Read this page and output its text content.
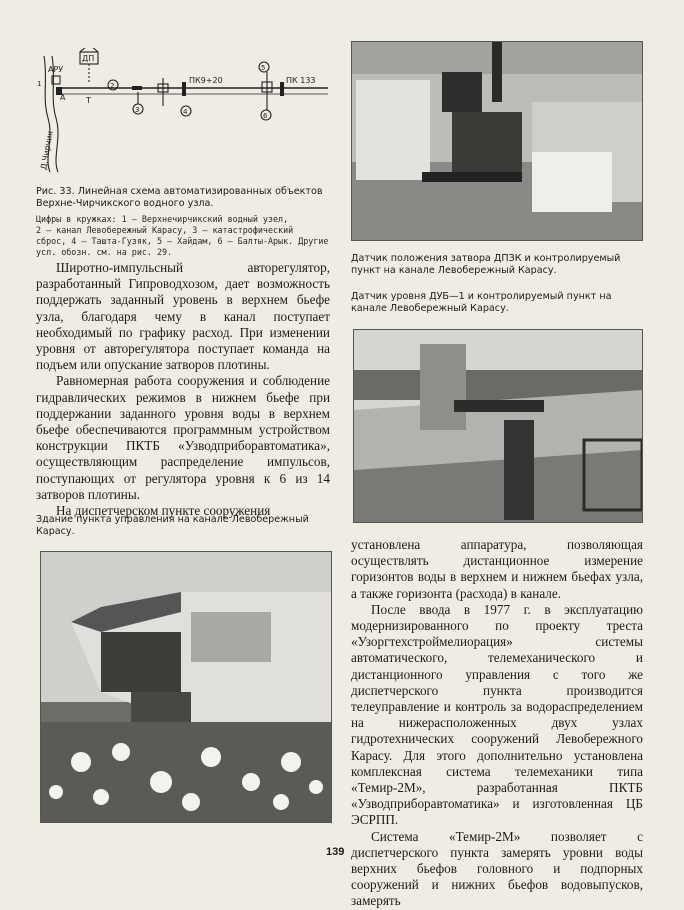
АРУ
ДП
A
ПК9+20	ПК 133
Т
2
3	4
5
6
1
Д.Чирчик
Рис. 33. Линейная схема автоматизированных объектов
Верхне-Чирчикского водного узла.
Цифры в кружках: 1 — Верхнечирчикский водный узел,
2 — канал Левобережный Карасу, 3 — катастрофический
сброс, 4 — Ташта-Гузяк, 5 — Хайдам, 6 — Балты-Арык. Другие
усл. обозн. см. на рис. 29.

Широтно-импульсный авторегулятор, разработанный Гипроводхозом, дает возможность поддержать заданный уровень в верхнем бьефе узла, благодаря чему в канал поступает необходимый по графику расход. При изменении уровня от авторегулятора поступает команда на подъем или опускание затворов плотины.

Равномерная работа сооружения и соблюдение гидравлических режимов в нижнем бьефе при поддержании заданного уровня воды в верхнем бьефе обеспечиваются программным устройством конструкции ПКТБ «Узводприборавтоматика», осуществляющим распределение импульсов, поступающих от регулятора уровня к 6 из 14 затворов плотины.

На диспетчерском пункте сооружения

Здание пункта управления на канале Левобережный
Карасу.
Датчик положения затвора ДПЗК и контролируемый
пункт на канале Левобережный Карасу.
Датчик уровня ДУБ—1 и контролируемый пункт на
канале Левобережный Карасу.

установлена аппаратура, позволяющая осуществлять дистанционное измерение горизонтов воды в верхнем и нижнем бьефах узла, а также горизонта (расхода) в канале.

После ввода в 1977 г. в эксплуатацию модернизированного по проекту треста «Узоргтехстроймелиорация» системы автоматического, телемеханического и дистанционного управления с того же диспетчерского пункта производится телеуправление и контроль за водораспределением на нижерасположенных двух узлах гидротехнических сооружений Левобережного Карасу. Для этого дополнительно установлена комплексная система телемеханики типа «Темир-2М», разработанная ПКТБ «Узводприборавтоматика» и изготовленная ЦБ ЭСРПП.

Система «Темир-2М» позволяет с диспетчерского пункта замерять уровни воды верхних бьефов головного и подпорных сооружений и нижних бьефов водовыпусков, замерять

139
